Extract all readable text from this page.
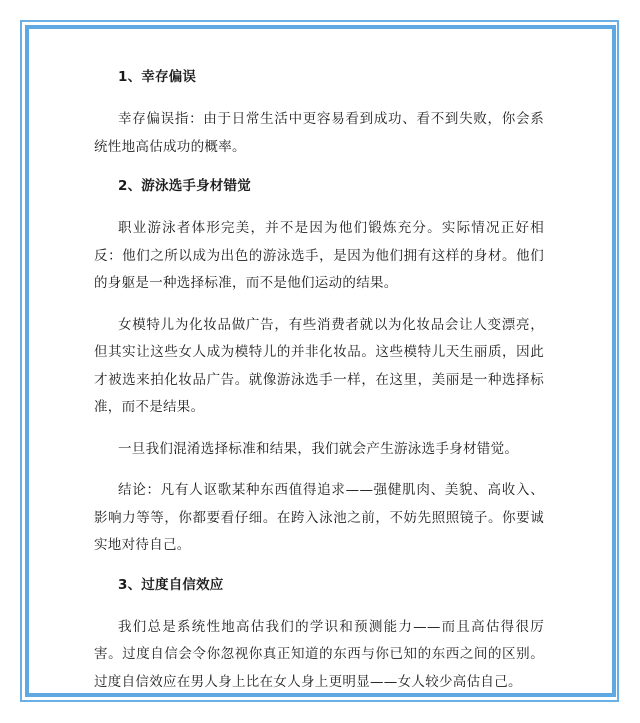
1、幸存偏误

幸存偏误指：由于日常生活中更容易看到成功、看不到失败，你会系统性地高估成功的概率。

2、游泳选手身材错觉

职业游泳者体形完美，并不是因为他们锻炼充分。实际情况正好相反：他们之所以成为出色的游泳选手，是因为他们拥有这样的身材。他们的身躯是一种选择标准，而不是他们运动的结果。

女模特儿为化妆品做广告，有些消费者就以为化妆品会让人变漂亮，但其实让这些女人成为模特儿的并非化妆品。这些模特儿天生丽质，因此才被选来拍化妆品广告。就像游泳选手一样，在这里，美丽是一种选择标准，而不是结果。

一旦我们混淆选择标准和结果，我们就会产生游泳选手身材错觉。

结论：凡有人讴歌某种东西值得追求——强健肌肉、美貌、高收入、影响力等等，你都要看仔细。在跨入泳池之前，不妨先照照镜子。你要诚实地对待自己。

3、过度自信效应

我们总是系统性地高估我们的学识和预测能力——而且高估得很厉害。过度自信会令你忽视你真正知道的东西与你已知的东西之间的区别。过度自信效应在男人身上比在女人身上更明显——女人较少高估自己。
